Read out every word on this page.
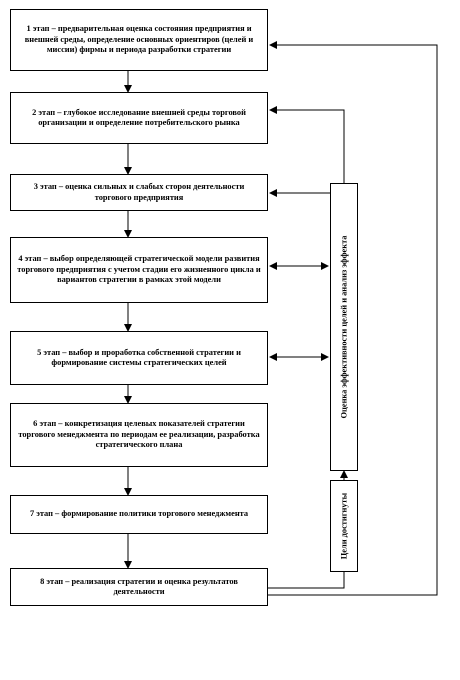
1 этап – предварительная оценка состояния предприятия и внешней среды, определение основных ориентиров (целей и миссии) фирмы и периода разработки стратегии
2 этап – глубокое исследование внешней среды торговой организации и определение потребительского рынка
3 этап – оценка сильных и слабых сторон деятельности торгового предприятия
4 этап – выбор определяющей стратегической модели развития торгового предприятия с учетом стадии его жизненного цикла и вариантов стратегии в рамках этой модели
5 этап – выбор и проработка собственной стратегии и формирование системы стратегических целей
6 этап – конкретизация целевых показателей стратегии торгового менеджмента по периодам ее реализации, разработка стратегического плана
7 этап – формирование политики торгового менеджмента
8 этап – реализация стратегии и оценка результатов деятельности
Оценка эффективности целей и анализ эффекта
Цели достигнуты
